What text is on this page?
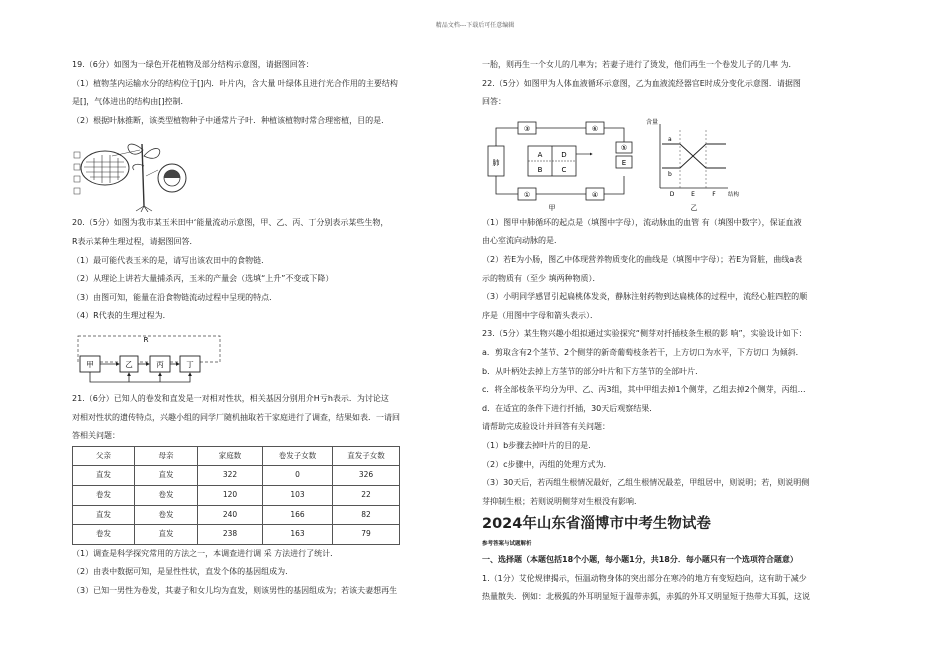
精品文档---下载后可任意编辑

19.（6分）如图为一绿色开花植物及部分结构示意图，请据图回答：

（1）植物茎内运输水分的结构位于[]内．叶片内，含大量 叶绿体且进行光合作用的主要结构

是[]，气体进出的结构由[]控制．

（2）根据叶脉推断，该类型植物种子中通常片子叶．种植该植物时常合理密植，目的是．

20.（5分）如图为我市某玉米田中‘能量流动示意图，甲、乙、丙、丁分别表示某些生物，

R表示某种生理过程，请据图回答．

（1）最可能代表玉米的是，请写出该农田中的食物链．

（2）从理论上讲若大量捕杀丙，玉米的产量会（选填“上升”不变或下降）

（3）由图可知，能量在沿食物链流动过程中呈现的特点．

（4）R代表的生理过程为．

R
甲	乙	丙	丁

21.（6分）已知人的卷发和直发是一对相对性状，相关基因分别用介H亏h表示．为讨论这

对相对性状的遗传特点，兴趣小组的同学厂随机抽取若干家庭进行了调查，结果如表．一请回

答相关问题：

父亲	母亲	家庭数	卷发子女数	直发子女数
直发	直发	322	0	326
卷发	卷发	120	103	22
直发	卷发	240	166	82
卷发	直发	238	163	79

（1）调查是科学探究常用的方法之一，本调查进行调 采 方法进行了统计．

（2）由表中数据可知，是显性性状，直发个体的基因组成为．

（3）已知一男性为卷发，其妻子和女儿均为直发，则该男性的基因组成为；若该夫妻想再生

一胎，则再生一个女儿的几率为；若妻子进行了烫发，他们再生一个卷发儿子的几率 为．

22.（5分）如图甲为人体血液循环示意图，乙为血液流经器官E时成分变化示意图．请据图

回答：

肺
③
①
A	D
B	C
⑥
④
⑤
E
甲
含量
a
b
D	E	F 结构
乙

（1）图甲中肺循环的起点是（填图中字母），流动脉血的血管 有（填图中数字），保证血液

由心室流向动脉的是．

（2）若E为小肠，图乙中体现营养物质变化的曲线是（填图中字母）；若E为肾脏，曲线a表

示的物质有（至少 填两种物质）．

（3）小明同学感冒引起扁桃体发炎，静脉注射药物到达扁桃体的过程中，流经心脏四腔的顺

序是（用图中字母和箭头表示）．

23.（5分）某生物兴趣小组拟通过实验探究“侧芽对扦插枝条生根的影 响”，实验设计如下：

a．剪取含有2个茎节、2个侧芽的新奇葡萄枝条若干，上方切口为水平，下方切口 为倾斜．

b．从叶柄处去掉上方茎节的部分叶片和下方茎节的全部叶片．

c．将全部枝条平均分为甲、乙、丙3组，其中甲组去掉1个侧芽，乙组去掉2个侧芽，丙组…

d．在适宜的条件下进行扦插，30天后观察结果．

请帮助完成验设计并回答有关问题：

（1）b步骤去掉叶片的目的是．

（2）c步骤中，丙组的处理方式为．

（3）30天后，若丙组生根情况最好，乙组生根情况最差，甲组居中，则说明；若，则说明侧

芽抑制生根；若则说明侧芽对生根没有影响．

2024年山东省淄博市中考生物试卷

参考答案与试题解析

一、选择题（本题包括18个小题，每小题1分，共18分．每小题只有一个选项符合题意）

1.（1分）艾伦规律揭示，恒温动物身体的突出部分在寒冷的地方有变短趋向，这有助于减少

热量散失．例如：北极狐的外耳明显短于温带赤狐，赤狐的外耳又明显短于热带大耳狐，这说
